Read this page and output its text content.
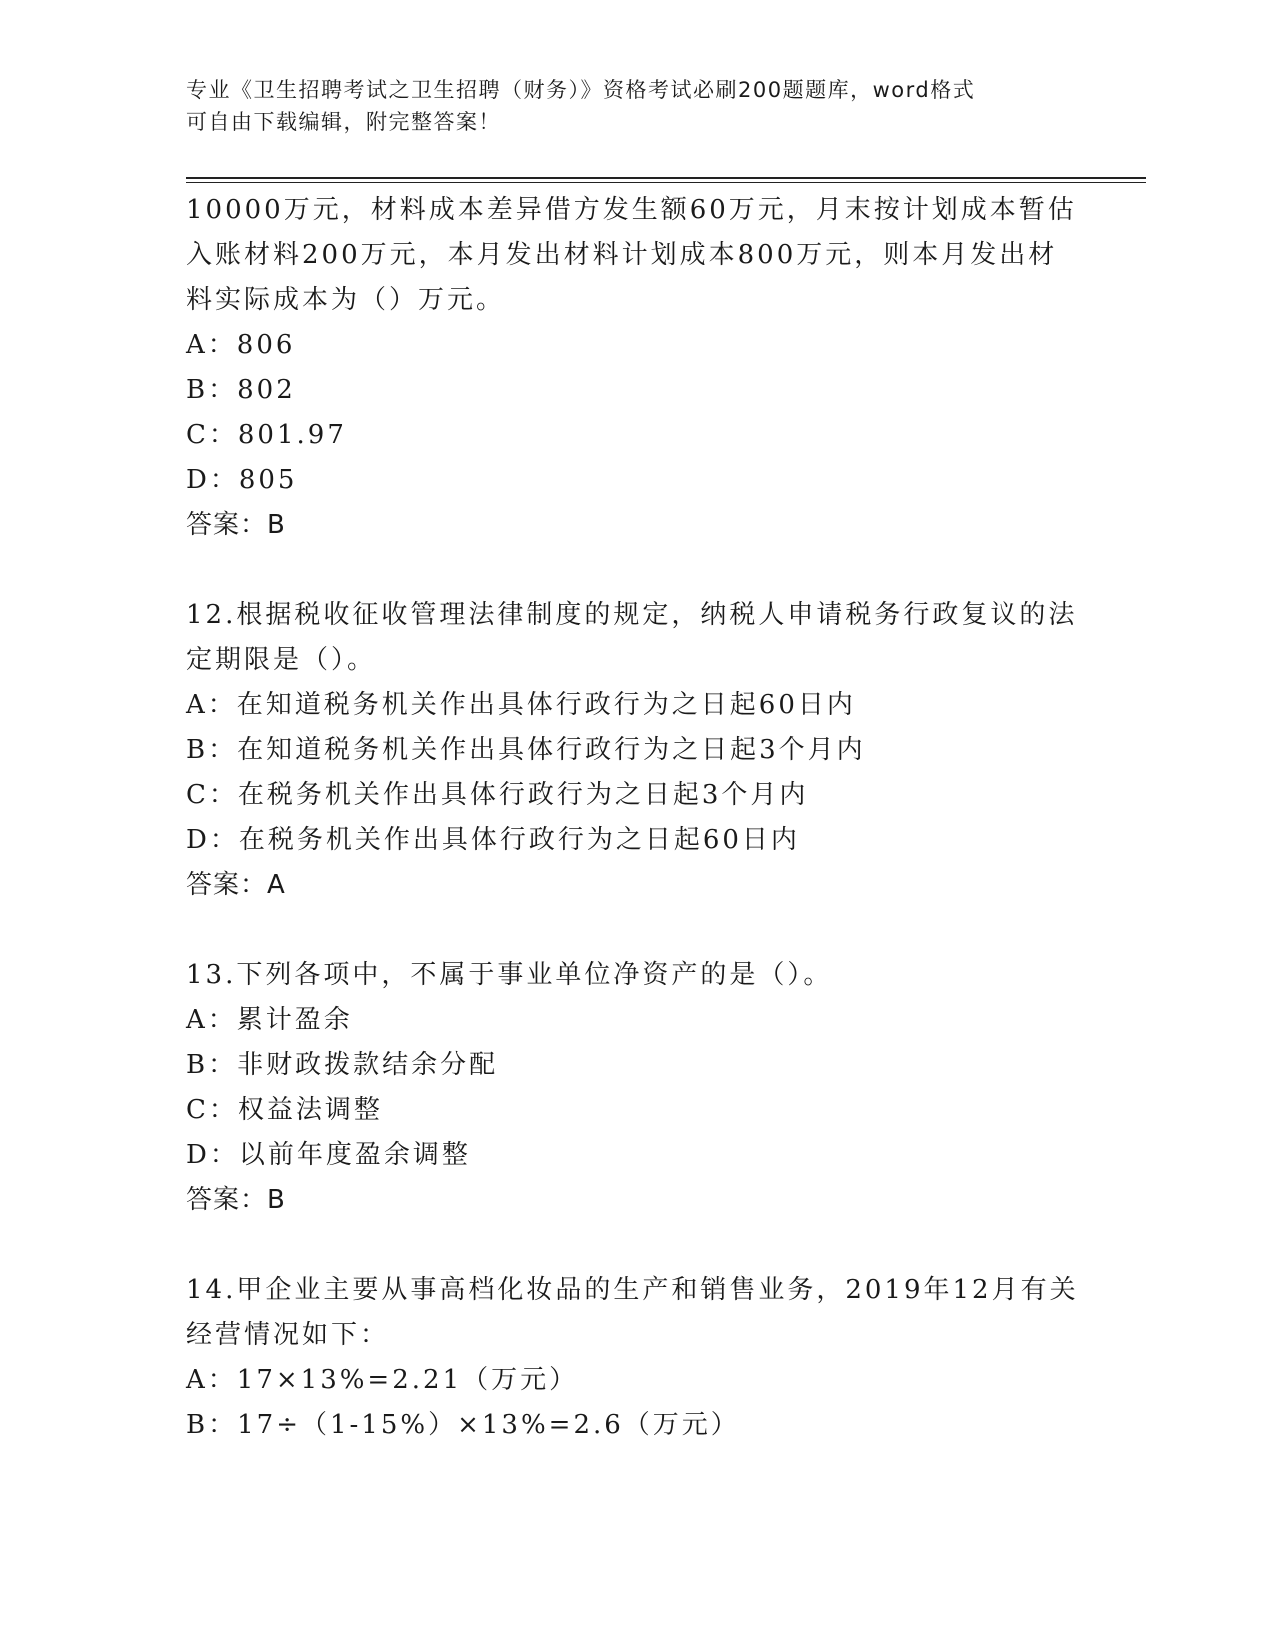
专业《卫生招聘考试之卫生招聘（财务）》资格考试必刷200题题库，word格式
可自由下载编辑，附完整答案！
10000万元，材料成本差异借方发生额60万元，月末按计划成本暂估
入账材料200万元，本月发出材料计划成本800万元，则本月发出材
料实际成本为（）万元。
A：806
B：802
C：801.97
D：805
答案：B
12.根据税收征收管理法律制度的规定，纳税人申请税务行政复议的法
定期限是（）。
A：在知道税务机关作出具体行政行为之日起60日内
B：在知道税务机关作出具体行政行为之日起3个月内
C：在税务机关作出具体行政行为之日起3个月内
D：在税务机关作出具体行政行为之日起60日内
答案：A
13.下列各项中，不属于事业单位净资产的是（）。
A：累计盈余
B：非财政拨款结余分配
C：权益法调整
D：以前年度盈余调整
答案：B
14.甲企业主要从事高档化妆品的生产和销售业务，2019年12月有关
经营情况如下：
A：17×13%=2.21（万元）
B：17÷（1-15%）×13%=2.6（万元）
